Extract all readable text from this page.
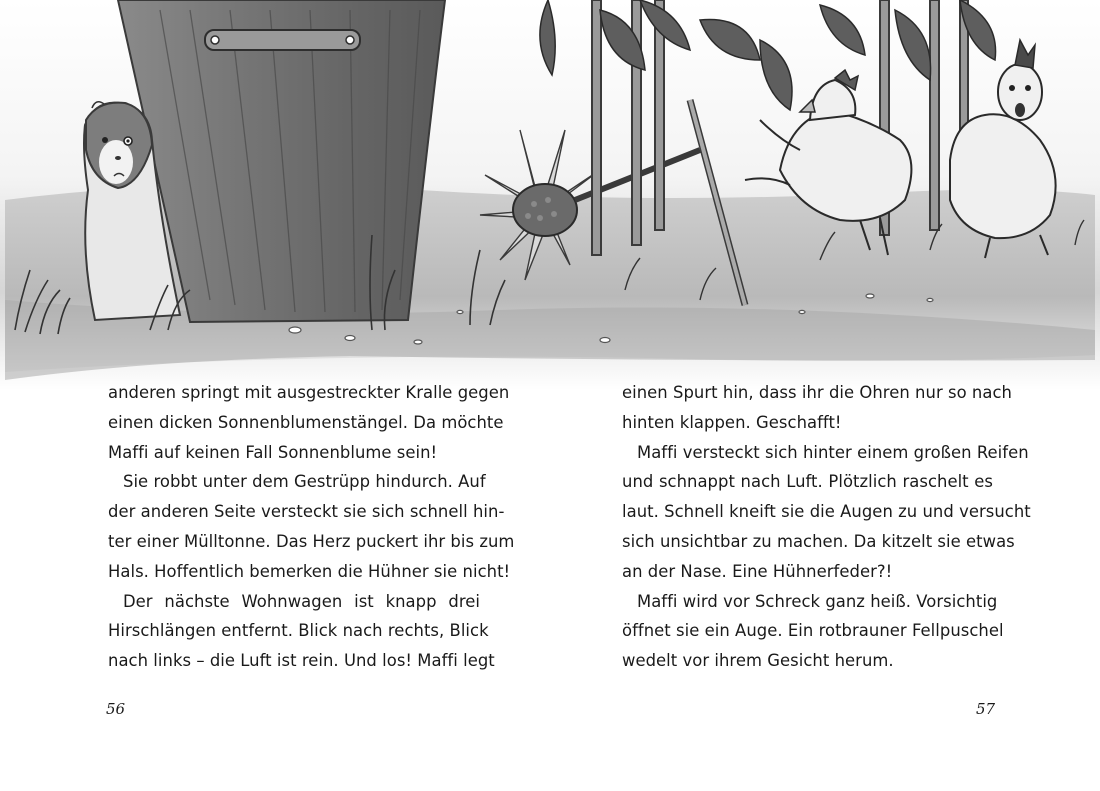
anderen springt mit ausgestreckter Kralle gegen
einen dicken Sonnenblumenstängel. Da möchte
Maffi auf keinen Fall Sonnenblume sein!
Sie robbt unter dem Gestrüpp hindurch. Auf
der anderen Seite versteckt sie sich schnell hin-
ter einer Mülltonne. Das Herz puckert ihr bis zum
Hals. Hoffentlich bemerken die Hühner sie nicht!
Der nächste Wohnwagen ist knapp drei
Hirschlängen entfernt. Blick nach rechts, Blick
nach links – die Luft ist rein. Und los! Maffi legt
einen Spurt hin, dass ihr die Ohren nur so nach
hinten klappen. Geschafft!
Maffi versteckt sich hinter einem großen Reifen
und schnappt nach Luft. Plötzlich raschelt es
laut. Schnell kneift sie die Augen zu und versucht
sich unsichtbar zu machen. Da kitzelt sie etwas
an der Nase. Eine Hühnerfeder?!
Maffi wird vor Schreck ganz heiß. Vorsichtig
öffnet sie ein Auge. Ein rotbrauner Fellpuschel
wedelt vor ihrem Gesicht herum.
56	57
